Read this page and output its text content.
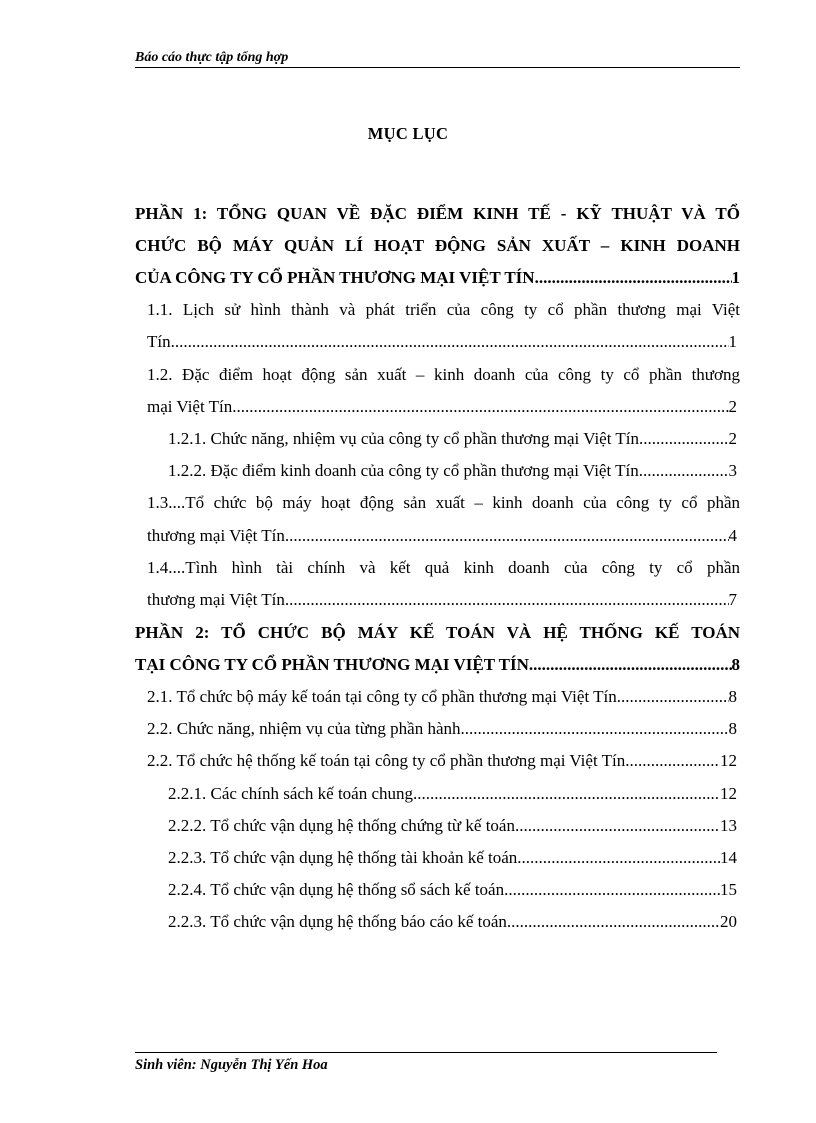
Báo cáo thực tập tổng hợp
MỤC LỤC
PHẦN 1: TỔNG QUAN VỀ ĐẶC ĐIỂM KINH TẾ - KỸ THUẬT VÀ TỔ
CHỨC BỘ MÁY QUẢN LÍ HOẠT ĐỘNG SẢN XUẤT – KINH DOANH
CỦA CÔNG TY CỔ PHẦN THƯƠNG MẠI VIỆT TÍN .....	1
1.1. Lịch sử hình thành và phát triển của công ty cổ phần thương mại Việt
Tín .....	1
1.2. Đặc điểm hoạt động sản xuất – kinh doanh của công ty cổ phần thương
mại Việt Tín. .....	2
1.2.1. Chức năng, nhiệm vụ của công ty cổ phần thương mại Việt Tín .....	2
1.2.2. Đặc điểm kinh doanh của công ty cổ phần thương mại Việt Tín .....	3
1.3....Tổ chức bộ máy hoạt động sản xuất – kinh doanh của công ty cổ phần
thương mại Việt Tín .....	4
1.4....Tình hình tài chính và kết quả kinh doanh của công ty cổ phần
thương mại Việt Tín .....	7
PHẦN 2: TỔ CHỨC BỘ MÁY KẾ TOÁN VÀ HỆ THỐNG KẾ TOÁN
TẠI CÔNG TY CỔ PHẦN THƯƠNG MẠI VIỆT TÍN .....	8
2.1. Tổ chức bộ máy kế toán tại công ty cổ phần thương mại Việt Tín .....	8
2.2. Chức năng, nhiệm vụ của từng phần hành .....	8
2.2. Tổ chức hệ thống kế toán tại công ty cổ phần thương mại Việt Tín .....	12
2.2.1. Các chính sách kế toán chung .....	12
2.2.2. Tổ chức vận dụng hệ thống chứng từ kế toán .....	13
2.2.3. Tổ chức vận dụng hệ thống tài khoản kế toán .....	14
2.2.4. Tổ chức vận dụng hệ thống sổ sách kế toán .....	15
2.2.3. Tổ chức vận dụng hệ thống báo cáo kế toán .....	20
Sinh viên: Nguyễn Thị Yến Hoa
